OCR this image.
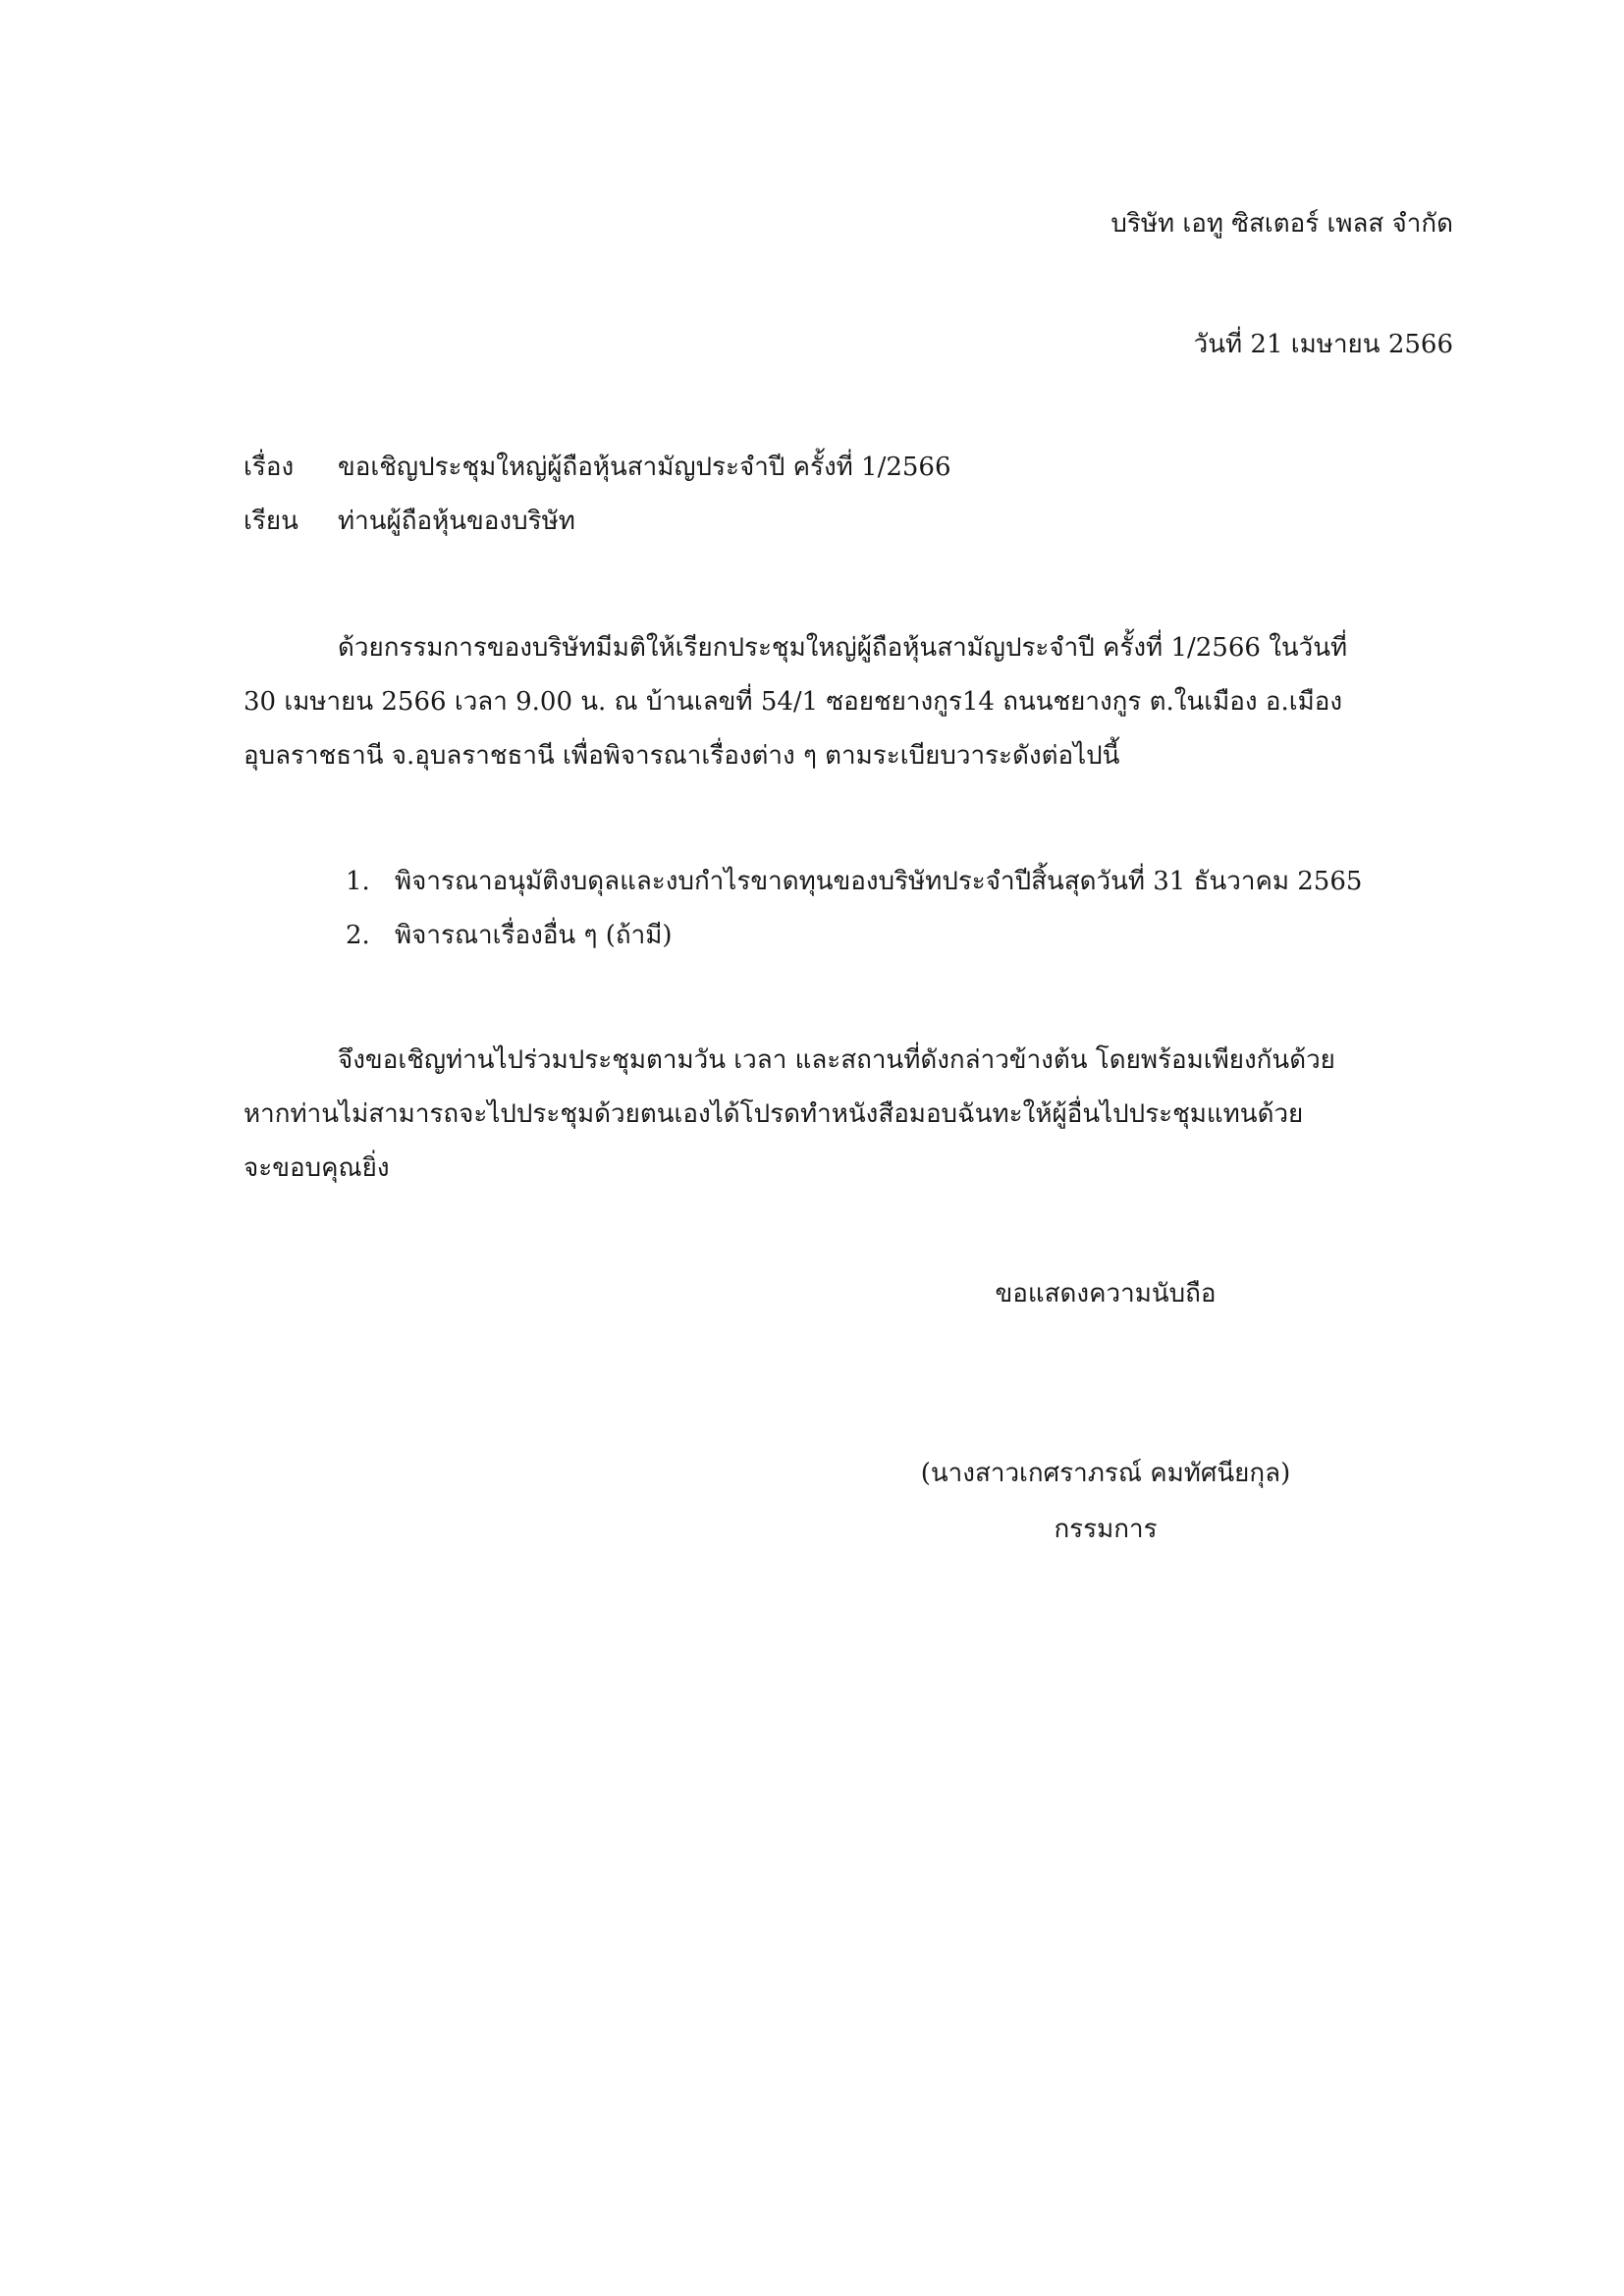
บริษัท เอทู ซิสเตอร์ เพลส จำกัด
วันที่ 21 เมษายน 2566
เรื่อง ขอเชิญประชุมใหญ่ผู้ถือหุ้นสามัญประจำปี ครั้งที่ 1/2566
เรียน ท่านผู้ถือหุ้นของบริษัท
ด้วยกรรมการของบริษัทมีมติให้เรียกประชุมใหญ่ผู้ถือหุ้นสามัญประจำปี ครั้งที่ 1/2566 ในวันที่
30 เมษายน 2566 เวลา 9.00 น. ณ บ้านเลขที่ 54/1 ซอยชยางกูร14 ถนนชยางกูร ต.ในเมือง อ.เมือง
อุบลราชธานี จ.อุบลราชธานี เพื่อพิจารณาเรื่องต่าง ๆ ตามระเบียบวาระดังต่อไปนี้
1. พิจารณาอนุมัติงบดุลและงบกำไรขาดทุนของบริษัทประจำปีสิ้นสุดวันที่ 31 ธันวาคม 2565
2. พิจารณาเรื่องอื่น ๆ (ถ้ามี)
จึงขอเชิญท่านไปร่วมประชุมตามวัน เวลา และสถานที่ดังกล่าวข้างต้น โดยพร้อมเพียงกันด้วย
หากท่านไม่สามารถจะไปประชุมด้วยตนเองได้โปรดทำหนังสือมอบฉันทะให้ผู้อื่นไปประชุมแทนด้วย
จะขอบคุณยิ่ง
ขอแสดงความนับถือ
(นางสาวเกศราภรณ์ คมทัศนียกุล)
กรรมการ
